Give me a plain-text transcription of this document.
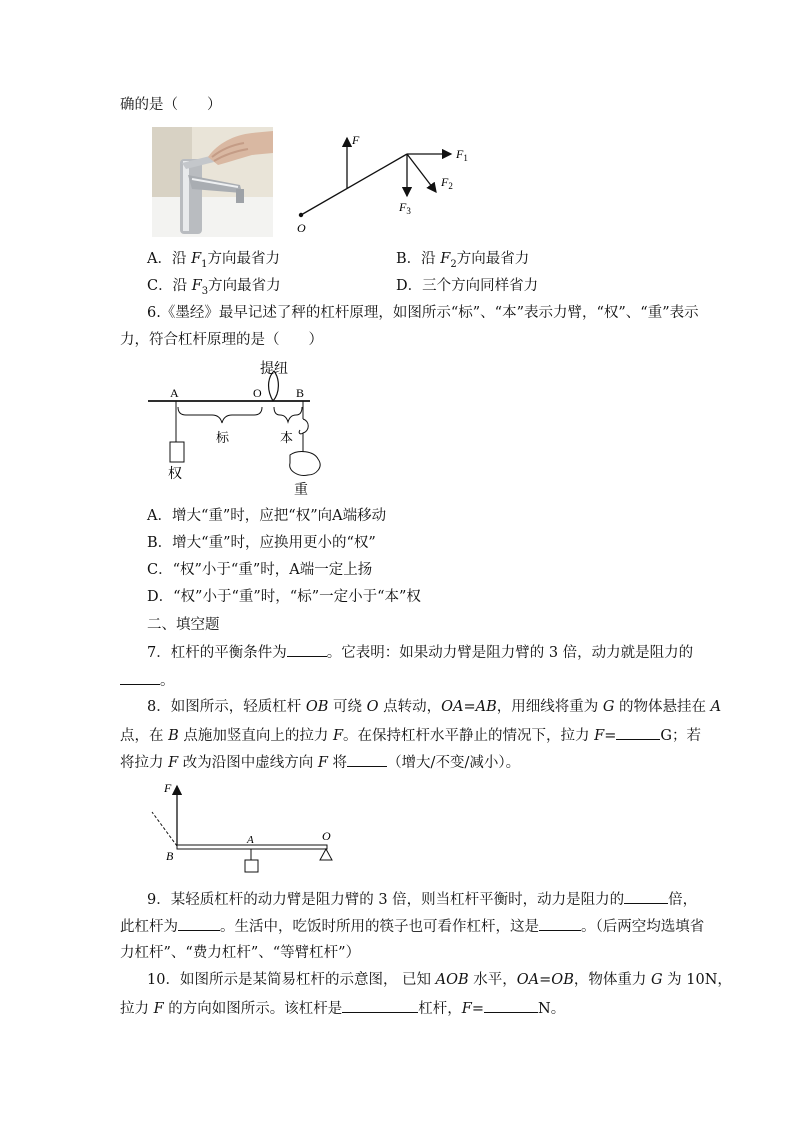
确的是（　　）
F
$F_1$
$F_2$
$F_3$
O
A．沿 $F_1$方向最省力	B．沿 $F_2$方向最省力
C．沿 $F_3$方向最省力	D．三个方向同样省力
6.《墨经》最早记述了秤的杠杆原理，如图所示“标”、“本”表示力臂，“权”、“重”表示
力，符合杠杆原理的是（　　）
提纽
A	O	B
权
标	本
重
A．增大“重”时，应把“权”向A端移动
B．增大“重”时，应换用更小的“权”
C．“权”小于“重”时，A端一定上扬
D．“权”小于“重”时，“标”一定小于“本”权
二、填空题
7．杠杆的平衡条件为	。它表明：如果动力臂是阻力臂的 3 倍，动力就是阻力的
。
8．如图所示，轻质杠杆 OB 可绕 O 点转动，OA=AB，用细线将重为 G 的物体悬挂在 A
点，在 B 点施加竖直向上的拉力 F。在保持杠杆水平静止的情况下，拉力 F=	G；若
将拉力 F 改为沿图中虚线方向 F 将	（增大/不变/减小）。
F
B
A	O
9．某轻质杠杆的动力臂是阻力臂的 3 倍，则当杠杆平衡时，动力是阻力的	倍，
此杠杆为	。生活中，吃饭时所用的筷子也可看作杠杆，这是	。（后两空均选填省
力杠杆”、“费力杠杆”、“等臂杠杆”）
10．如图所示是某简易杠杆的示意图， 已知 AOB 水平，OA=OB，物体重力 G 为 10N，
拉力 F 的方向如图所示。该杠杆是	杠杆，F=	N。
